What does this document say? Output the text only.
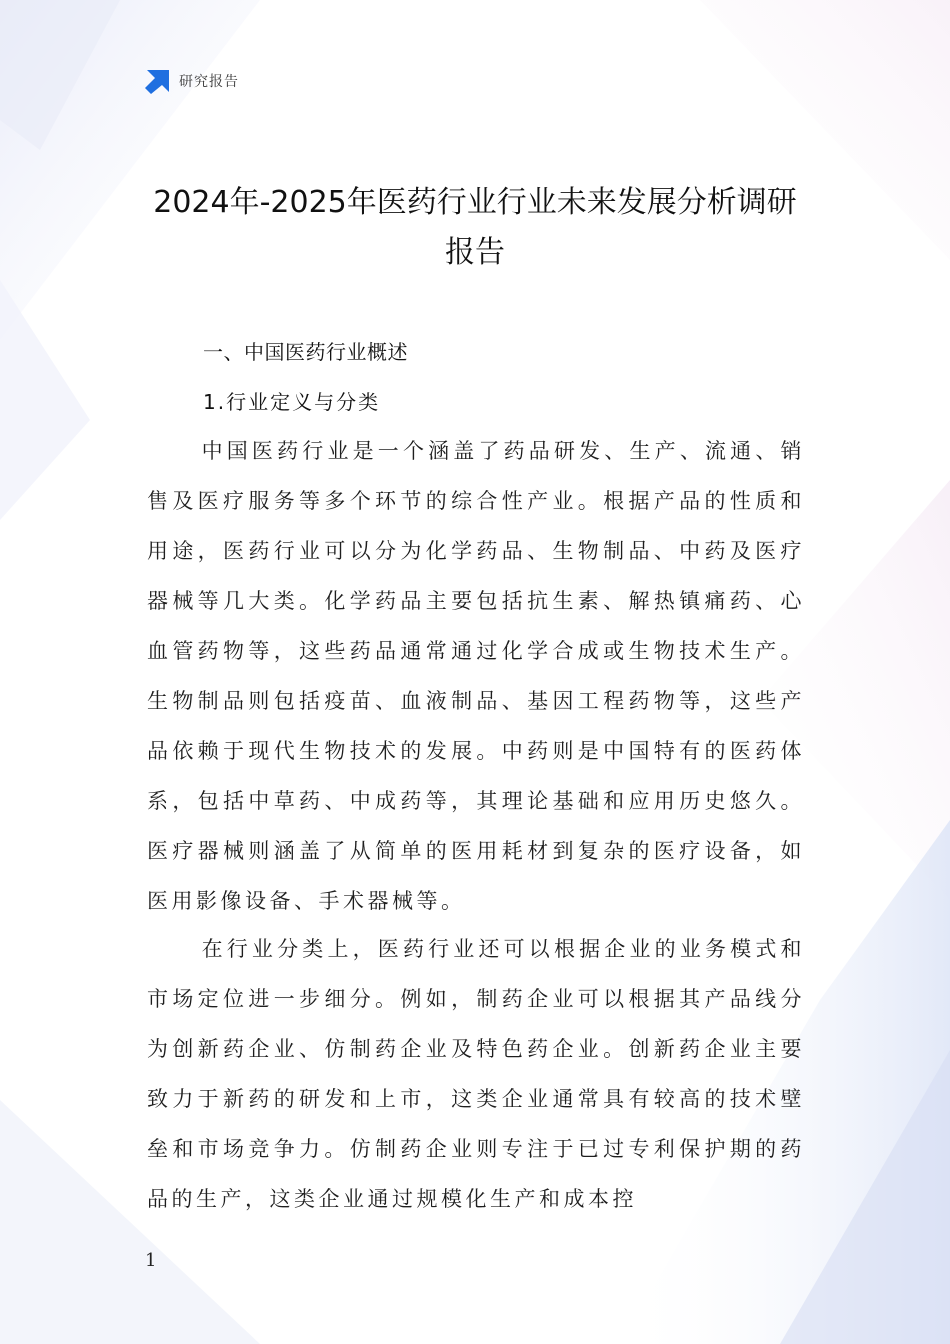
研究报告
2024年-2025年医药行业行业未来发展分析调研报告
一、中国医药行业概述
1.行业定义与分类

中国医药行业是一个涵盖了药品研发、生产、流通、销售及医疗服务等多个环节的综合性产业。根据产品的性质和用途，医药行业可以分为化学药品、生物制品、中药及医疗器械等几大类。化学药品主要包括抗生素、解热镇痛药、心血管药物等，这些药品通常通过化学合成或生物技术生产。生物制品则包括疫苗、血液制品、基因工程药物等，这些产品依赖于现代生物技术的发展。中药则是中国特有的医药体系，包括中草药、中成药等，其理论基础和应用历史悠久。医疗器械则涵盖了从简单的医用耗材到复杂的医疗设备，如医用影像设备、手术器械等。

在行业分类上，医药行业还可以根据企业的业务模式和市场定位进一步细分。例如，制药企业可以根据其产品线分为创新药企业、仿制药企业及特色药企业。创新药企业主要致力于新药的研发和上市，这类企业通常具有较高的技术壁垒和市场竞争力。仿制药企业则专注于已过专利保护期的药品的生产，这类企业通过规模化生产和成本控

1
